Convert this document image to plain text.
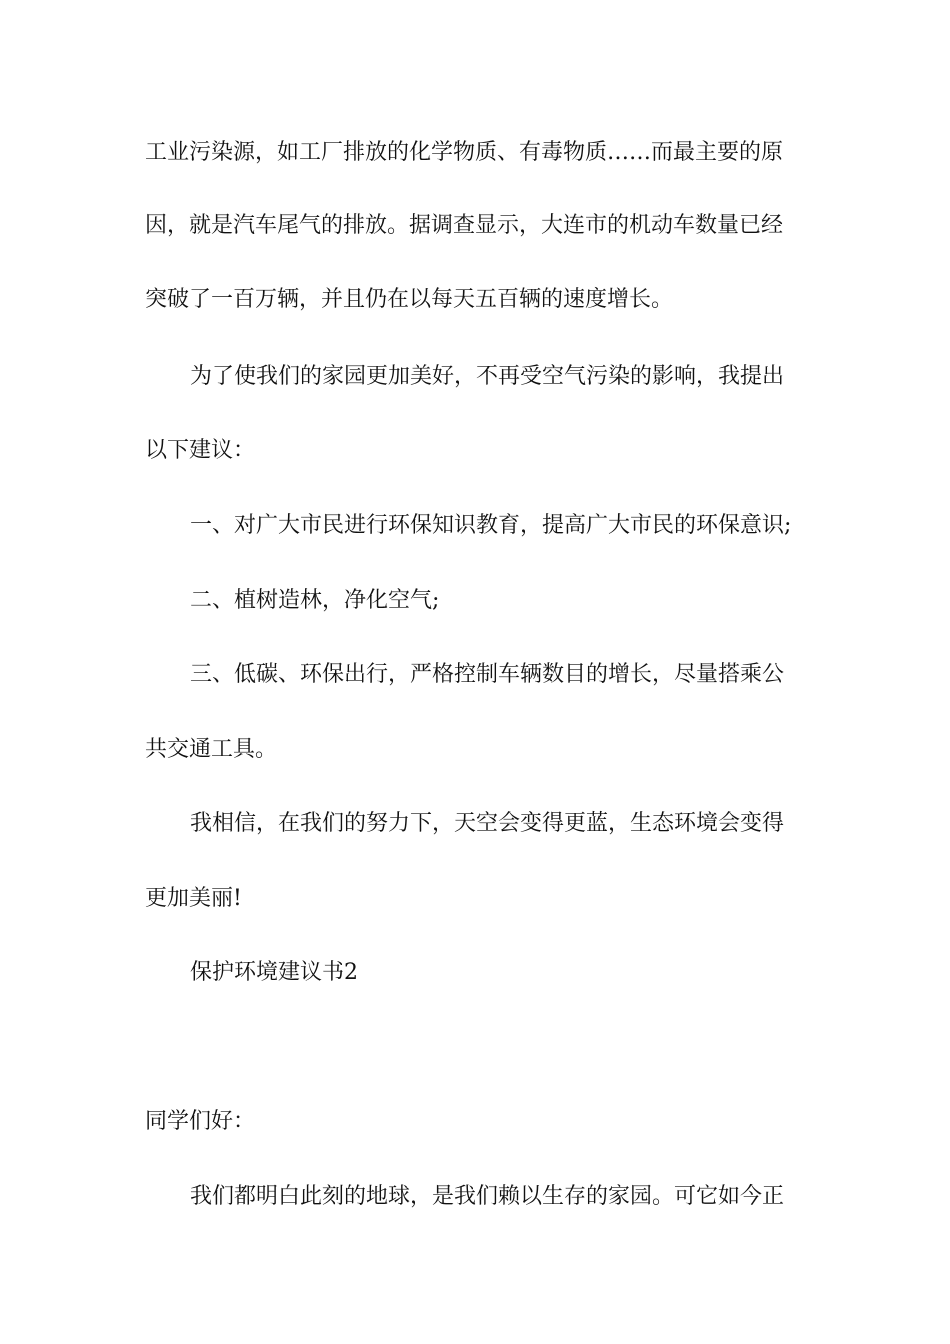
工业污染源，如工厂排放的化学物质、有毒物质……而最主要的原
因，就是汽车尾气的排放。据调查显示，大连市的机动车数量已经
突破了一百万辆，并且仍在以每天五百辆的速度增长。
为了使我们的家园更加美好，不再受空气污染的影响，我提出
以下建议：
一、对广大市民进行环保知识教育，提高广大市民的环保意识;
二、植树造林，净化空气;
三、低碳、环保出行，严格控制车辆数目的增长，尽量搭乘公
共交通工具。
我相信，在我们的努力下，天空会变得更蓝，生态环境会变得
更加美丽!
保护环境建议书2
同学们好：
我们都明白此刻的地球，是我们赖以生存的家园。可它如今正
